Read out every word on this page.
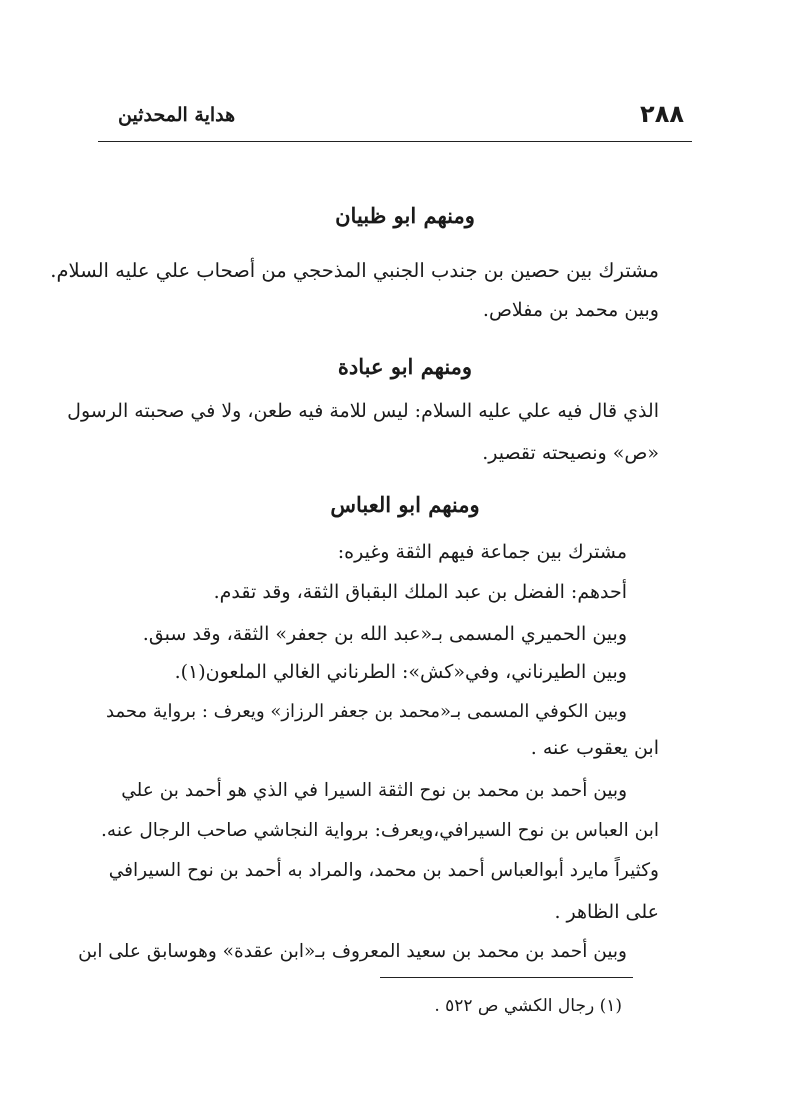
٢٨٨
هداية المحدثين
ومنهم ابو ظبيان
مشترك بين حصين بن جندب الجنبي المذحجي من أصحاب علي عليه السلام.
وبين محمد بن مفلاص.
ومنهم ابو عبادة
الذي قال فيه علي عليه السلام: ليس للامة فيه طعن، ولا في صحبته الرسول
«ص» ونصيحته تقصير.
ومنهم ابو العباس
مشترك بين جماعة فيهم الثقة وغيره:
أحدهم: الفضل بن عبد الملك البقباق الثقة، وقد تقدم.
وبين الحميري المسمى بـ«عبد الله بن جعفر» الثقة، وقد سبق.
وبين الطيرناني، وفي«كش»: الطرناني الغالي الملعون(١).
وبين الكوفي المسمى بـ«محمد بن جعفر الرزاز» ويعرف : برواية محمد
ابن يعقوب عنه .
وبين أحمد بن محمد بن نوح الثقة السيرا في الذي هو أحمد بن علي
ابن العباس بن نوح السيرافي،ويعرف: برواية النجاشي صاحب الرجال عنه.
وكثيراً مايرد أبوالعباس أحمد بن محمد، والمراد به أحمد بن نوح السيرافي
على الظاهر .
وبين أحمد بن محمد بن سعيد المعروف بـ«ابن عقدة» وهوسابق على ابن
(١) رجال الكشي ص ٥٢٢ .
